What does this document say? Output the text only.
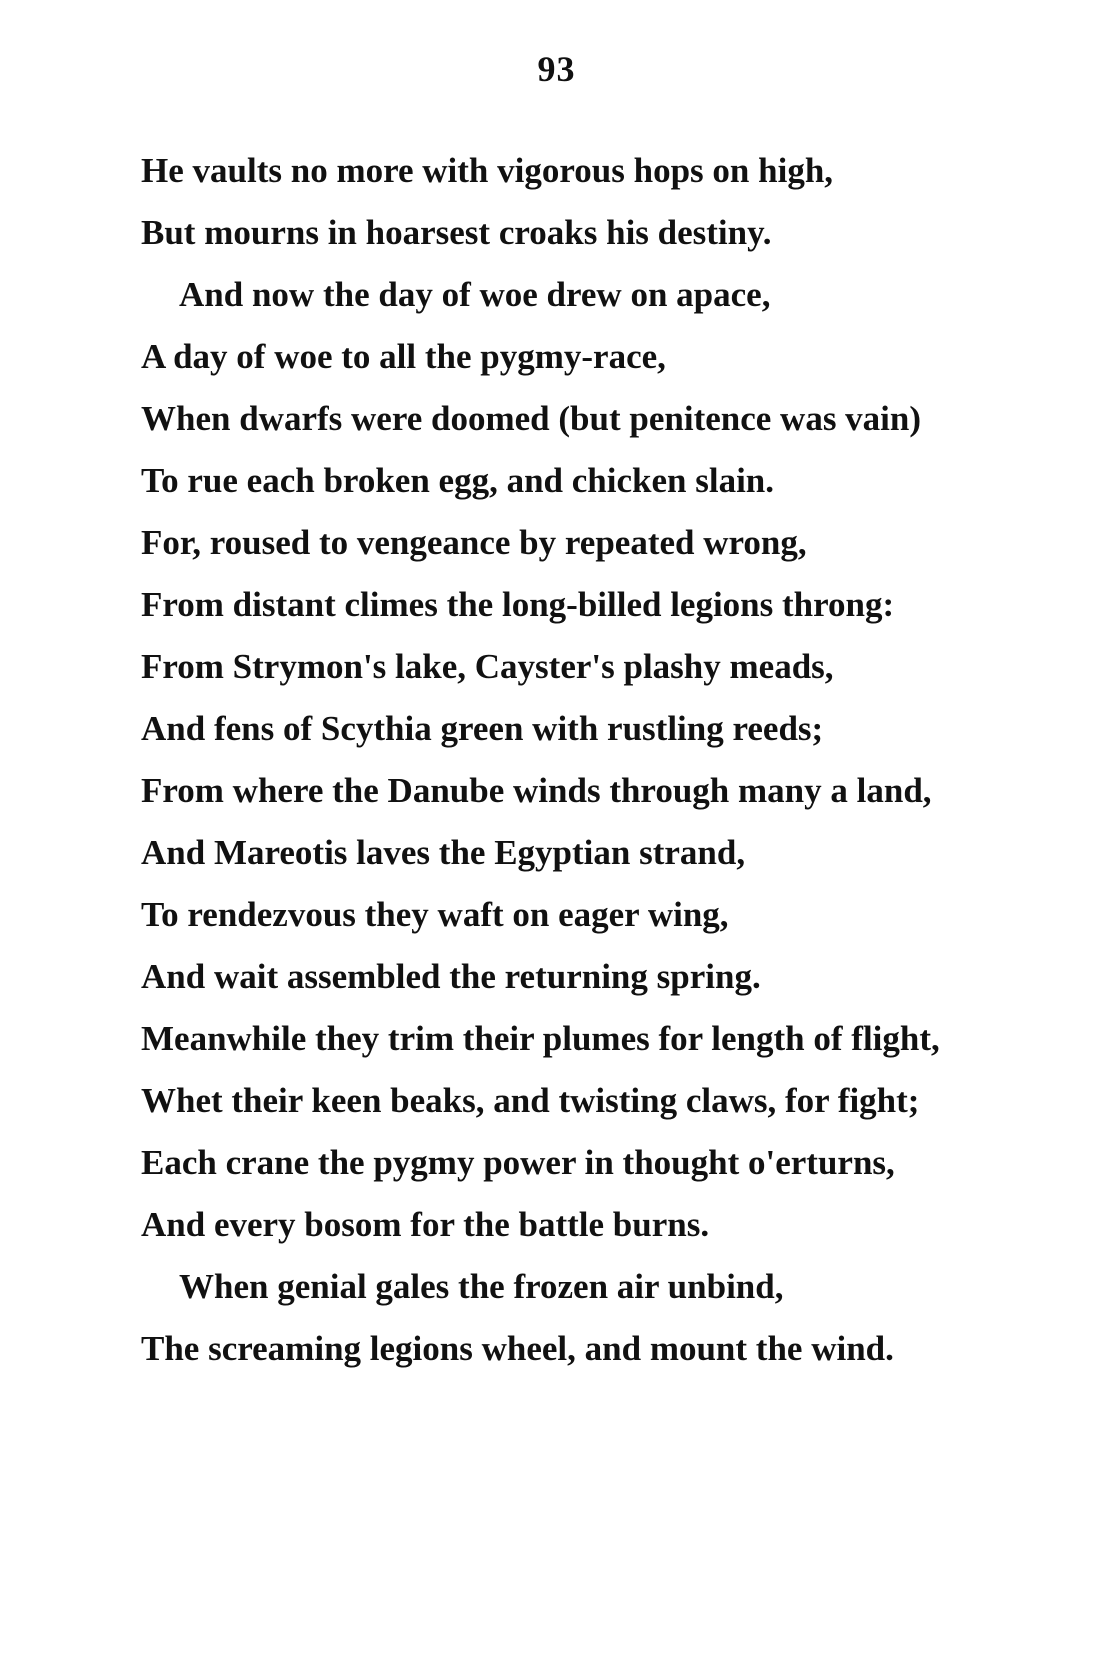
93
He vaults no more with vigorous hops on high,
But mourns in hoarsest croaks his destiny.
And now the day of woe drew on apace,
A day of woe to all the pygmy-race,
When dwarfs were doomed (but penitence was vain)
To rue each broken egg, and chicken slain.
For, roused to vengeance by repeated wrong,
From distant climes the long-billed legions throng:
From Strymon's lake, Cayster's plashy meads,
And fens of Scythia green with rustling reeds;
From where the Danube winds through many a land,
And Mareotis laves the Egyptian strand,
To rendezvous they waft on eager wing,
And wait assembled the returning spring.
Meanwhile they trim their plumes for length of flight,
Whet their keen beaks, and twisting claws, for fight;
Each crane the pygmy power in thought o'erturns,
And every bosom for the battle burns.
When genial gales the frozen air unbind,
The screaming legions wheel, and mount the wind.
